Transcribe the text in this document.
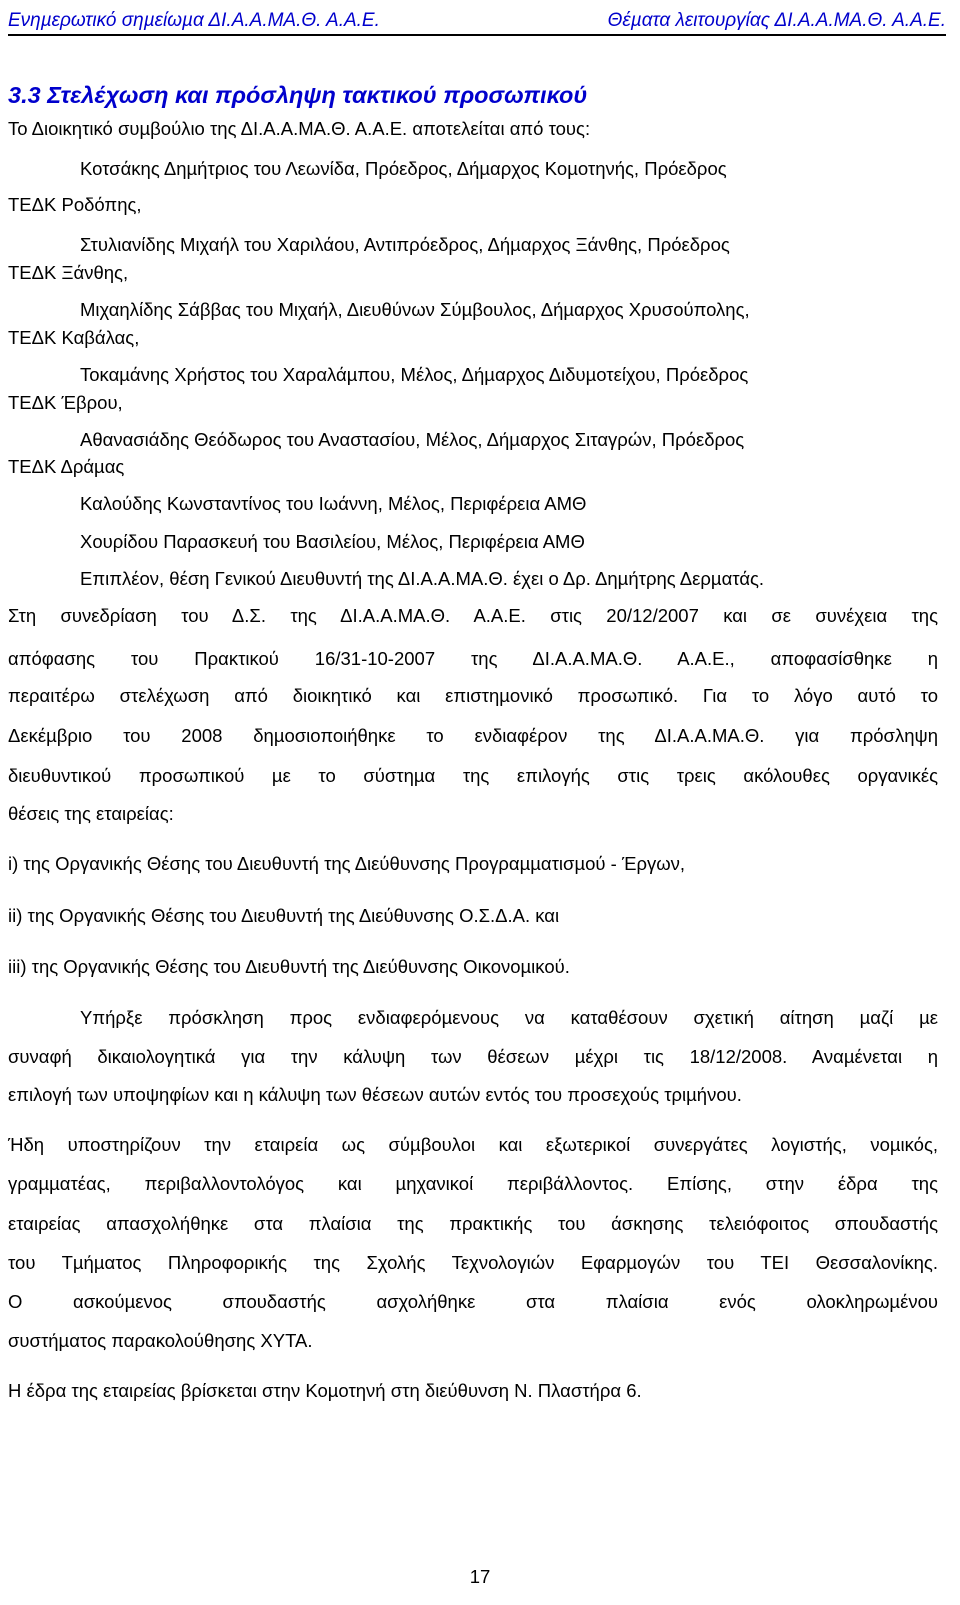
Ενηµερωτικό σηµείωµα ΔΙ.Α.Α.ΜΑ.Θ. Α.Α.Ε.	Θέµατα λειτουργίας ΔΙ.Α.Α.ΜΑ.Θ. Α.Α.Ε.
3.3 Στελέχωση και πρόσληψη τακτικού προσωπικού
Το Διοικητικό συµβούλιο της ΔΙ.Α.Α.ΜΑ.Θ. Α.Α.Ε. αποτελείται από τους:
Κοτσάκης Δηµήτριος του Λεωνίδα, Πρόεδρος, Δήµαρχος Κοµοτηνής, Πρόεδρος
ΤΕΔΚ Ροδόπης,
Στυλιανίδης Μιχαήλ του Χαριλάου, Αντιπρόεδρος, Δήµαρχος Ξάνθης, Πρόεδρος
ΤΕΔΚ Ξάνθης,
Μιχαηλίδης Σάββας του Μιχαήλ, Διευθύνων Σύµβουλος, Δήµαρχος Χρυσούπολης,
ΤΕΔΚ Καβάλας,
Τοκαµάνης Χρήστος του Χαραλάµπου, Μέλος, Δήµαρχος Διδυµοτείχου, Πρόεδρος
ΤΕΔΚ Έβρου,
Αθανασιάδης Θεόδωρος του Αναστασίου, Μέλος, Δήµαρχος Σιταγρών, Πρόεδρος
ΤΕΔΚ Δράµας
Καλούδης Κωνσταντίνος του Ιωάννη, Μέλος, Περιφέρεια ΑΜΘ
Χουρίδου Παρασκευή του Βασιλείου, Μέλος, Περιφέρεια ΑΜΘ
Επιπλέον, θέση Γενικού Διευθυντή της ΔΙ.Α.Α.ΜΑ.Θ. έχει ο Δρ. Δηµήτρης Δερµατάς.
Στη συνεδρίαση του Δ.Σ. της ΔΙ.Α.Α.ΜΑ.Θ. Α.Α.Ε. στις 20/12/2007 και σε συνέχεια της
απόφασης του Πρακτικού 16/31-10-2007 της ΔΙ.Α.Α.ΜΑ.Θ. Α.Α.Ε., αποφασίσθηκε η
περαιτέρω στελέχωση από διοικητικό και επιστηµονικό προσωπικό. Για το λόγο αυτό το
Δεκέµβριο του 2008 δηµοσιοποιήθηκε το ενδιαφέρον της ΔΙ.Α.Α.ΜΑ.Θ. για πρόσληψη
διευθυντικού προσωπικού µε το σύστηµα της επιλογής στις τρεις ακόλουθες οργανικές
θέσεις της εταιρείας:
i) της Οργανικής Θέσης του Διευθυντή της Διεύθυνσης Προγραµµατισµού - Έργων,
ii) της Οργανικής Θέσης του Διευθυντή της Διεύθυνσης Ο.Σ.Δ.Α. και
iii) της Οργανικής Θέσης του Διευθυντή της Διεύθυνσης Οικονοµικού.
Υπήρξε πρόσκληση προς ενδιαφερόµενους να καταθέσουν σχετική αίτηση µαζί µε
συναφή δικαιολογητικά για την κάλυψη των θέσεων µέχρι τις 18/12/2008. Αναµένεται η
επιλογή των υποψηφίων και η κάλυψη των θέσεων αυτών εντός του προσεχούς τριµήνου.
Ήδη υποστηρίζουν την εταιρεία ως σύµβουλοι και εξωτερικοί συνεργάτες λογιστής, νοµικός,
γραµµατέας, περιβαλλοντολόγος και µηχανικοί περιβάλλοντος. Επίσης, στην έδρα της
εταιρείας απασχολήθηκε στα πλαίσια της πρακτικής του άσκησης τελειόφοιτος σπουδαστής
του Τµήµατος Πληροφορικής της Σχολής Τεχνολογιών Εφαρµογών του ΤΕΙ Θεσσαλονίκης.
Ο ασκούµενος σπουδαστής ασχολήθηκε στα πλαίσια ενός ολοκληρωµένου
συστήµατος παρακολούθησης ΧΥΤΑ.
Η έδρα της εταιρείας βρίσκεται στην Κοµοτηνή στη διεύθυνση Ν. Πλαστήρα 6.
17
